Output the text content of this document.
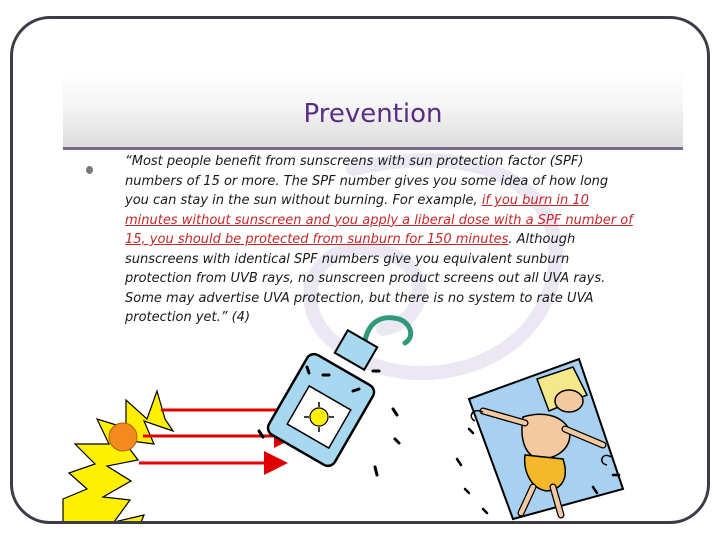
Prevention
“Most people benefit from sunscreens with sun protection factor (SPF) numbers of 15 or more. The SPF number gives you some idea of how long you can stay in the sun without burning. For example, if you burn in 10 minutes without sunscreen and you apply a liberal dose with a SPF number of 15, you should be protected from sunburn for 150 minutes. Although sunscreens with identical SPF numbers give you equivalent sunburn protection from UVB rays, no sunscreen product screens out all UVA rays. Some may advertise UVA protection, but there is no system to rate UVA protection yet.” (4)
